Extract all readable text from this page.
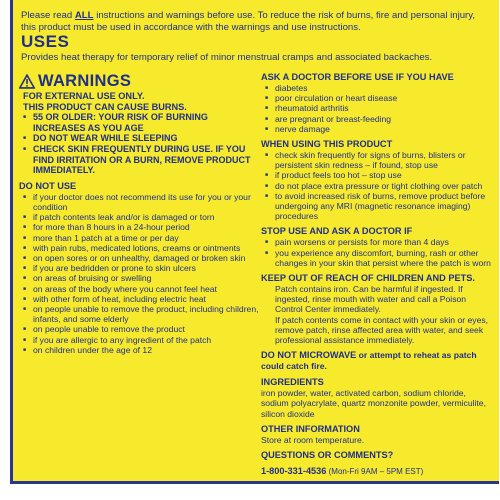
Please read ALL instructions and warnings before use. To reduce the risk of burns, fire and personal injury, this product must be used in accordance with the warnings and use instructions.
USES
Provides heat therapy for temporary relief of minor menstrual cramps and associated backaches.
WARNINGS
FOR EXTERNAL USE ONLY.
THIS PRODUCT CAN CAUSE BURNS.
■ 55 OR OLDER: YOUR RISK OF BURNING INCREASES AS YOU AGE
■ DO NOT WEAR WHILE SLEEPING
■ CHECK SKIN FREQUENTLY DURING USE. IF YOU FIND IRRITATION OR A BURN, REMOVE PRODUCT IMMEDIATELY.
DO NOT USE
■ if your doctor does not recommend its use for you or your condition
■ if patch contents leak and/or is damaged or torn
■ for more than 8 hours in a 24-hour period
■ more than 1 patch at a time or per day
■ with pain rubs, medicated lotions, creams or ointments
■ on open sores or on unhealthy, damaged or broken skin
■ if you are bedridden or prone to skin ulcers
■ on areas of bruising or swelling
■ on areas of the body where you cannot feel heat
■ with other form of heat, including electric heat
■ on people unable to remove the product, including children, infants, and some elderly
■ on people unable to remove the product
■ if you are allergic to any ingredient of the patch
■ on children under the age of 12
ASK A DOCTOR BEFORE USE IF YOU HAVE
■ diabetes
■ poor circulation or heart disease
■ rheumatoid arthritis
■ are pregnant or breast-feeding
■ nerve damage
WHEN USING THIS PRODUCT
■ check skin frequently for signs of burns, blisters or persistent skin redness – if found, stop use
■ if product feels too hot – stop use
■ do not place extra pressure or tight clothing over patch
■ to avoid increased risk of burns, remove product before undergoing any MRI (magnetic resonance imaging) procedures
STOP USE AND ASK A DOCTOR IF
■ pain worsens or persists for more than 4 days
■ you experience any discomfort, burning, rash or other changes in your skin that persist where the patch is worn
KEEP OUT OF REACH OF CHILDREN AND PETS.
Patch contains iron. Can be harmful if ingested. If ingested, rinse mouth with water and call a Poison Control Center immediately.
If patch contents come in contact with your skin or eyes, remove patch, rinse affected area with water, and seek professional assistance immediately.
DO NOT MICROWAVE or attempt to reheat as patch could catch fire.
INGREDIENTS
iron powder, water, activated carbon, sodium chloride, sodium polyacrylate, quartz monzonite powder, vermiculite, silicon dioxide
OTHER INFORMATION
Store at room temperature.
QUESTIONS OR COMMENTS?
1-800-331-4536 (Mon-Fri 9AM – 5PM EST)
